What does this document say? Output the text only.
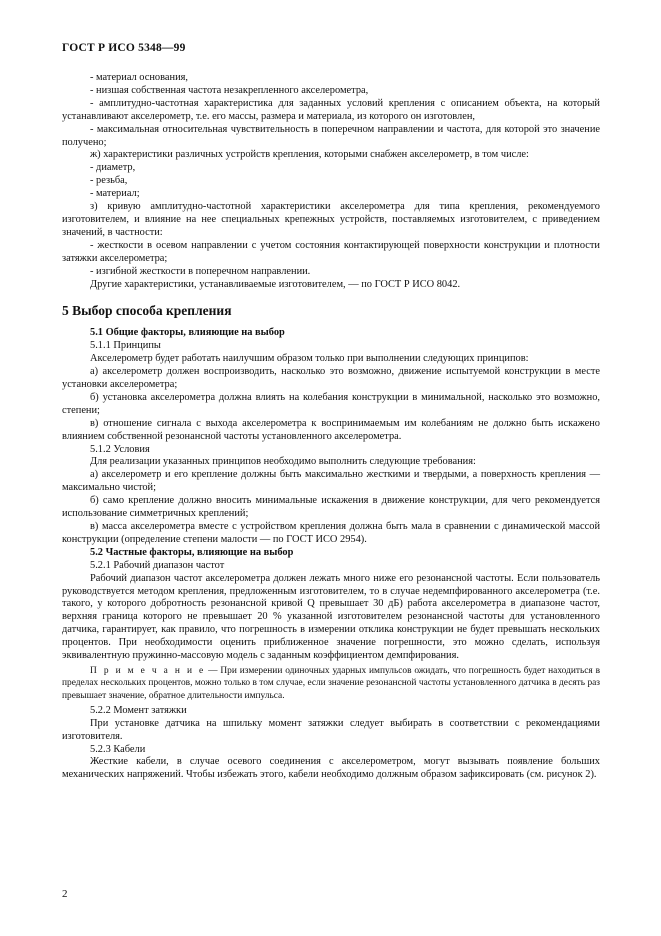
ГОСТ Р ИСО 5348—99

- материал основания,

- низшая собственная частота незакрепленного акселерометра,

- амплитудно-частотная характеристика для заданных условий крепления с описанием объекта, на который устанавливают акселерометр, т.е. его массы, размера и материала, из которого он изготовлен,

- максимальная относительная чувствительность в поперечном направлении и частота, для которой это значение получено;

ж) характеристики различных устройств крепления, которыми снабжен акселерометр, в том числе:

- диаметр,

- резьба,

- материал;

з) кривую амплитудно-частотной характеристики акселерометра для типа крепления, рекомендуемого изготовителем, и влияние на нее специальных крепежных устройств, поставляемых изготовителем, с приведением значений, в частности:

- жесткости в осевом направлении с учетом состояния контактирующей поверхности конструкции и плотности затяжки акселерометра;

- изгибной жесткости в поперечном направлении.

Другие характеристики, устанавливаемые изготовителем, — по ГОСТ Р ИСО 8042.

5 Выбор способа крепления

5.1 Общие факторы, влияющие на выбор

5.1.1 Принципы

Акселерометр будет работать наилучшим образом только при выполнении следующих принципов:

а) акселерометр должен воспроизводить, насколько это возможно, движение испытуемой конструкции в месте установки акселерометра;

б) установка акселерометра должна влиять на колебания конструкции в минимальной, насколько это возможно, степени;

в) отношение сигнала с выхода акселерометра к воспринимаемым им колебаниям не должно быть искажено влиянием собственной резонансной частоты установленного акселерометра.

5.1.2 Условия

Для реализации указанных принципов необходимо выполнить следующие требования:

а) акселерометр и его крепление должны быть максимально жесткими и твердыми, а поверхность крепления — максимально чистой;

б) само крепление должно вносить минимальные искажения в движение конструкции, для чего рекомендуется использование симметричных креплений;

в) масса акселерометра вместе с устройством крепления должна быть мала в сравнении с динамической массой конструкции (определение степени малости — по ГОСТ ИСО 2954).

5.2 Частные факторы, влияющие на выбор

5.2.1 Рабочий диапазон частот

Рабочий диапазон частот акселерометра должен лежать много ниже его резонансной частоты. Если пользователь руководствуется методом крепления, предложенным изготовителем, то в случае недемпфированного акселерометра (т.е. такого, у которого добротность резонансной кривой Q превышает 30 дБ) работа акселерометра в диапазоне частот, верхняя граница которого не превышает 20 % указанной изготовителем резонансной частоты для установленного датчика, гарантирует, как правило, что погрешность в измерении отклика конструкции не будет превышать нескольких процентов. При необходимости оценить приближенное значение погрешности, это можно сделать, используя эквивалентную пружинно-массовую модель с заданным коэффициентом демпфирования.

П р и м е ч а н и е — При измерении одиночных ударных импульсов ожидать, что погрешность будет находиться в пределах нескольких процентов, можно только в том случае, если значение резонансной частоты установленного датчика в десять раз превышает значение, обратное длительности импульса.

5.2.2 Момент затяжки

При установке датчика на шпильку момент затяжки следует выбирать в соответствии с рекомендациями изготовителя.

5.2.3 Кабели

Жесткие кабели, в случае осевого соединения с акселерометром, могут вызывать появление больших механических напряжений. Чтобы избежать этого, кабели необходимо должным образом зафиксировать (см. рисунок 2).

2
